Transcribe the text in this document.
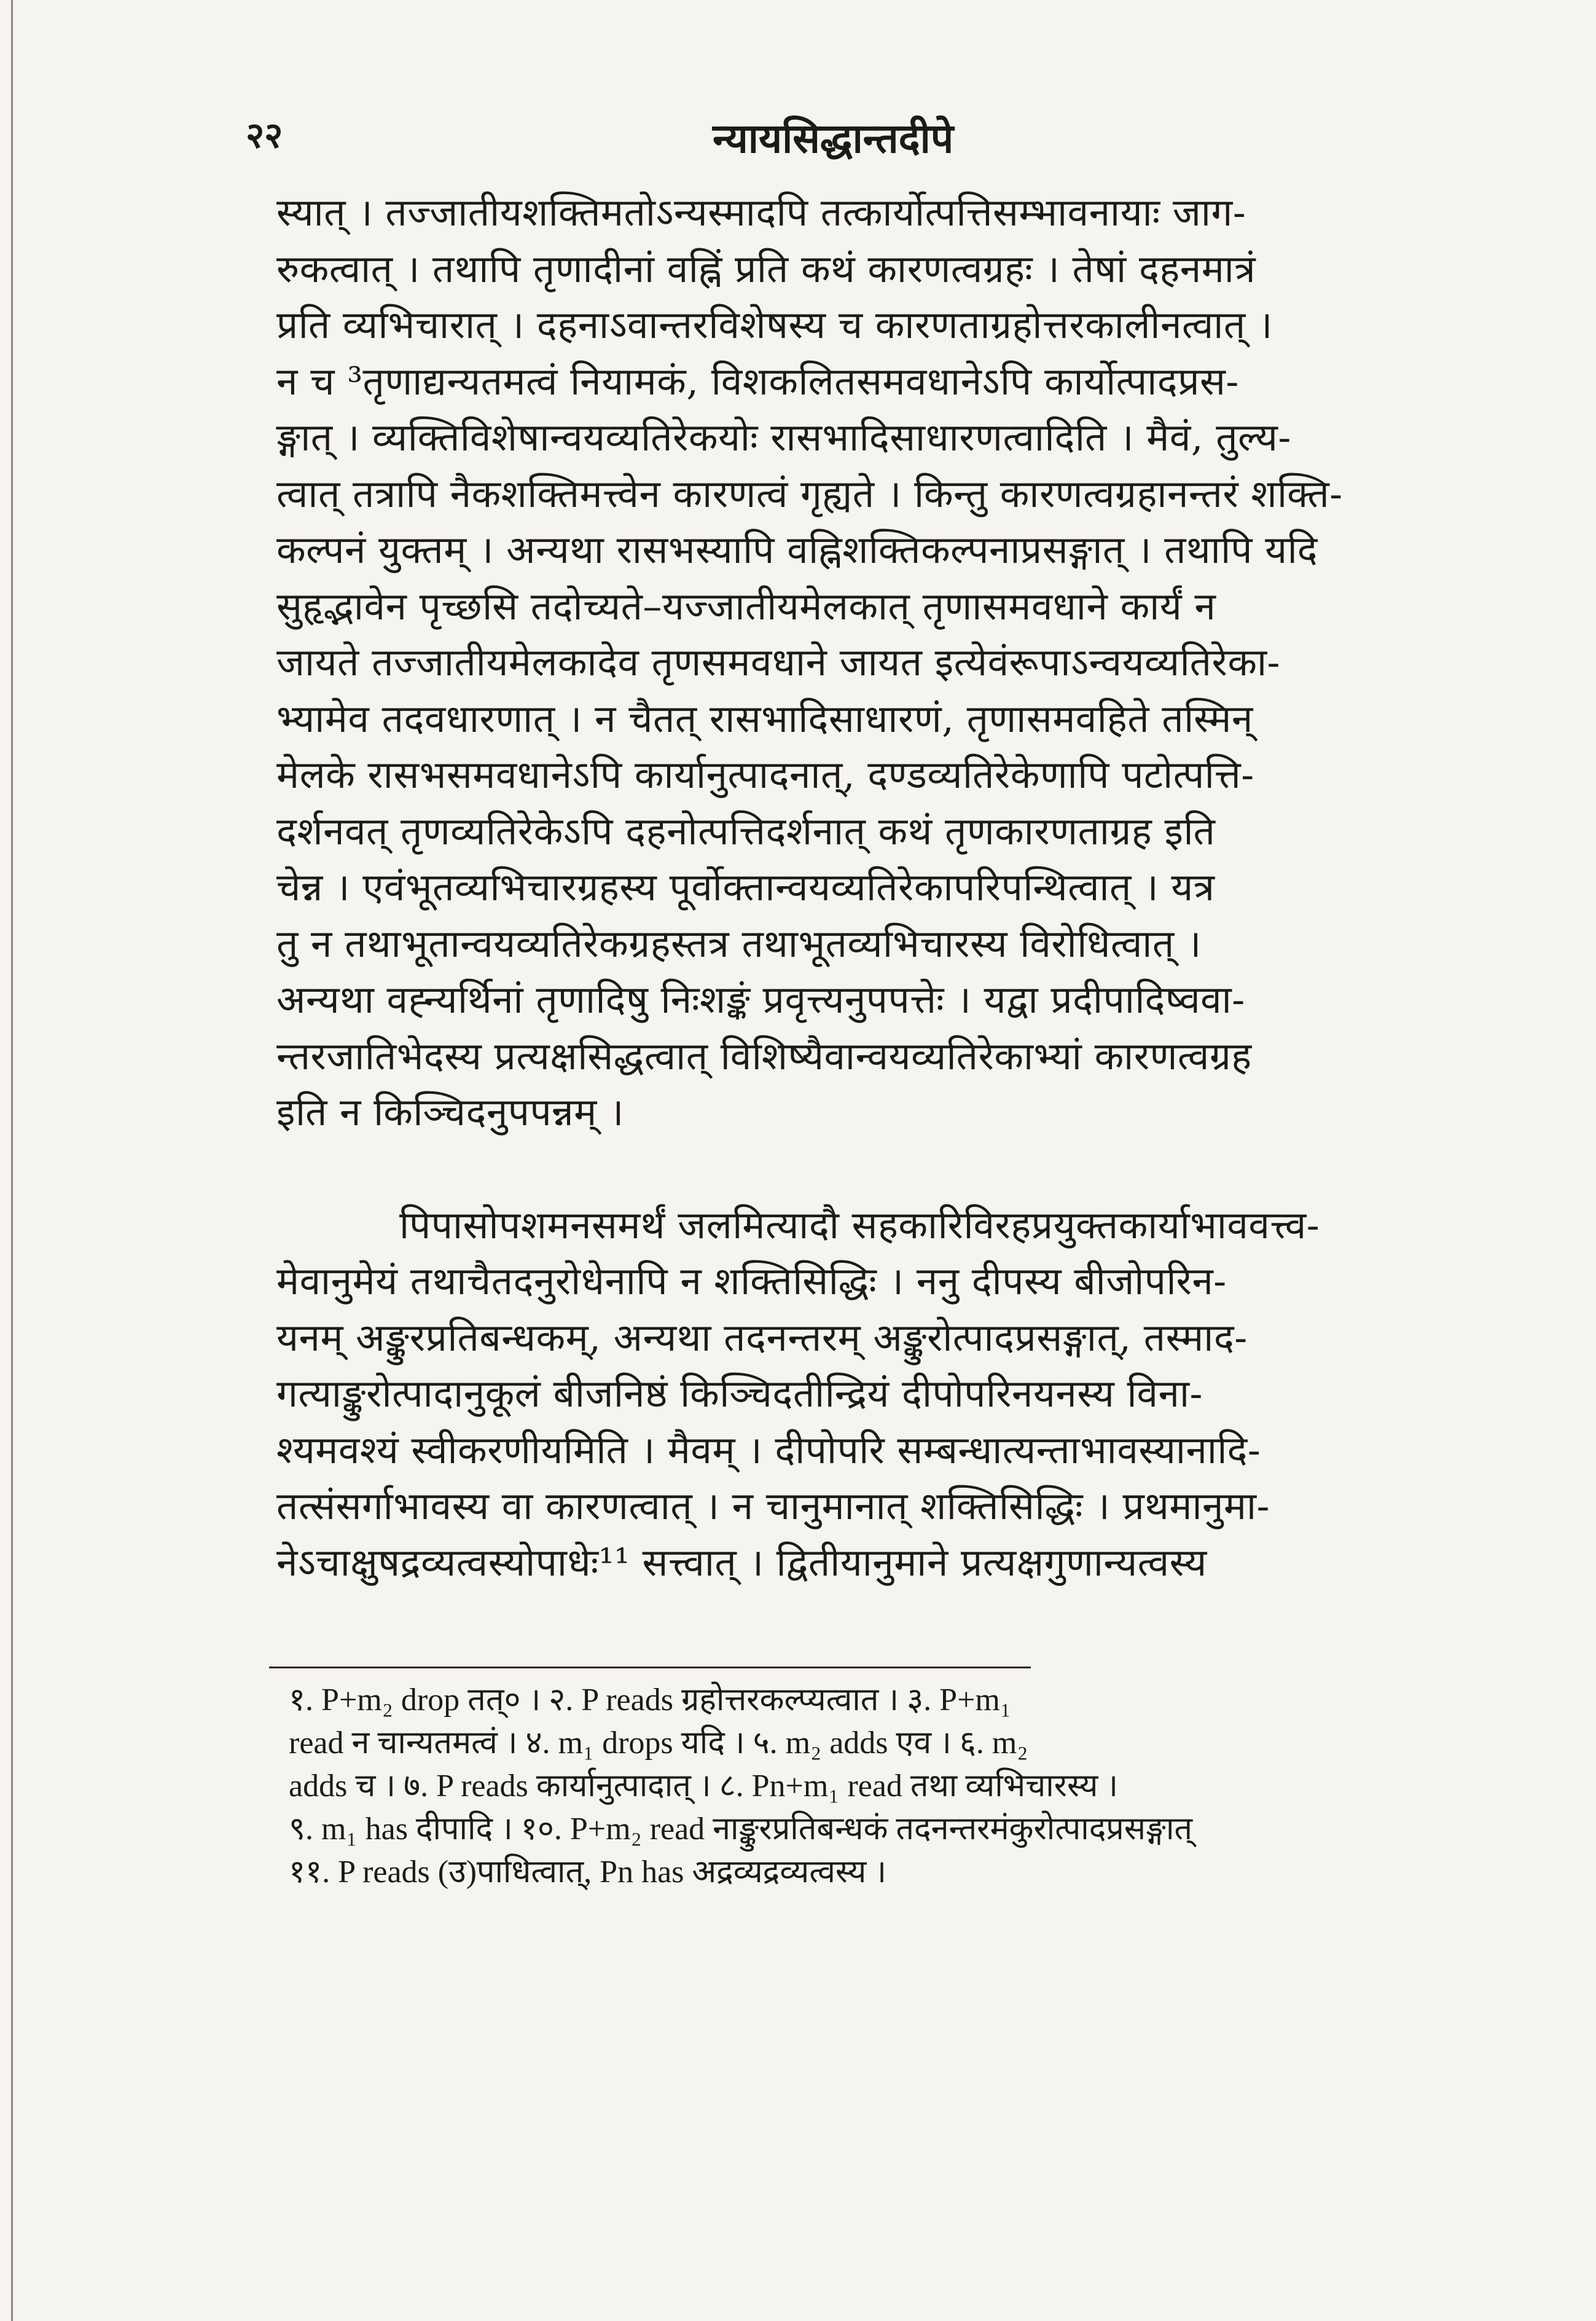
२२	न्यायसिद्धान्तदीपे
स्यात् । तज्जातीयशक्तिमतोऽन्यस्मादपि तत्कार्योत्पत्तिसम्भावनायाः जाग-
रुकत्वात् । तथापि तृणादीनां वह्निं प्रति कथं कारणत्वग्रहः । तेषां दहनमात्रं
प्रति व्यभिचारात् । दहनाऽवान्तरविशेषस्य च कारणताग्रहोत्तरकालीनत्वात् ।
न च ³तृणाद्यन्यतमत्वं नियामकं, विशकलितसमवधानेऽपि कार्योत्पादप्रस-
ङ्गात् । व्यक्तिविशेषान्वयव्यतिरेकयोः रासभादिसाधारणत्वादिति । मैवं, तुल्य-
त्वात् तत्रापि नैकशक्तिमत्त्वेन कारणत्वं गृह्यते । किन्तु कारणत्वग्रहानन्तरं शक्ति-
कल्पनं युक्तम् । अन्यथा रासभस्यापि वह्निशक्तिकल्पनाप्रसङ्गात् । तथापि यदि
सुहृद्भावेन पृच्छसि तदोच्यते–यज्जातीयमेलकात् तृणासमवधाने कार्यं न
जायते तज्जातीयमेलकादेव तृणसमवधाने जायत इत्येवंरूपाऽन्वयव्यतिरेका-
भ्यामेव तदवधारणात् । न चैतत् रासभादिसाधारणं, तृणासमवहिते तस्मिन्
मेलके रासभसमवधानेऽपि कार्यानुत्पादनात्, दण्डव्यतिरेकेणापि पटोत्पत्ति-
दर्शनवत् तृणव्यतिरेकेऽपि दहनोत्पत्तिदर्शनात् कथं तृणकारणताग्रह इति
चेन्न । एवंभूतव्यभिचारग्रहस्य पूर्वोक्तान्वयव्यतिरेकापरिपन्थित्वात् । यत्र
तु न तथाभूतान्वयव्यतिरेकग्रहस्तत्र तथाभूतव्यभिचारस्य विरोधित्वात् ।
अन्यथा वह्न्यर्थिनां तृणादिषु निःशङ्कं प्रवृत्त्यनुपपत्तेः । यद्वा प्रदीपादिष्ववा-
न्तरजातिभेदस्य प्रत्यक्षसिद्धत्वात् विशिष्यैवान्वयव्यतिरेकाभ्यां कारणत्वग्रह
इति न किञ्चिदनुपपन्नम् ।
पिपासोपशमनसमर्थं जलमित्यादौ सहकारिविरहप्रयुक्तकार्याभाववत्त्व-
मेवानुमेयं तथाचैतदनुरोधेनापि न शक्तिसिद्धिः । ननु दीपस्य बीजोपरिन-
यनम् अङ्कुरप्रतिबन्धकम्, अन्यथा तदनन्तरम् अङ्कुरोत्पादप्रसङ्गात्, तस्माद-
गत्याङ्कुरोत्पादानुकूलं बीजनिष्ठं किञ्चिदतीन्द्रियं दीपोपरिनयनस्य विना-
श्यमवश्यं स्वीकरणीयमिति । मैवम् । दीपोपरि सम्बन्धात्यन्ताभावस्यानादि-
तत्संसर्गाभावस्य वा कारणत्वात् । न चानुमानात् शक्तिसिद्धिः । प्रथमानुमा-
नेऽचाक्षुषद्रव्यत्वस्योपाधेः¹¹ सत्त्वात् । द्वितीयानुमाने प्रत्यक्षगुणान्यत्वस्य
१. P+m₂ drop तत्० । २. P reads ग्रहोत्तरकल्प्यत्वात । ३. P+m₁
read न चान्यतमत्वं । ४. m₁ drops यदि । ५. m₂ adds एव । ६. m₂
adds च । ७. P reads कार्यानुत्पादात् । ८. Pn+m₁ read तथा व्यभिचारस्य ।
९. m₁ has दीपादि । १०. P+m₂ read नाङ्कुरप्रतिबन्धकं तदनन्तरमंकुरोत्पादप्रसङ्गात्
११. P reads (उ)पाधित्वात्, Pn has अद्रव्यद्रव्यत्वस्य ।
